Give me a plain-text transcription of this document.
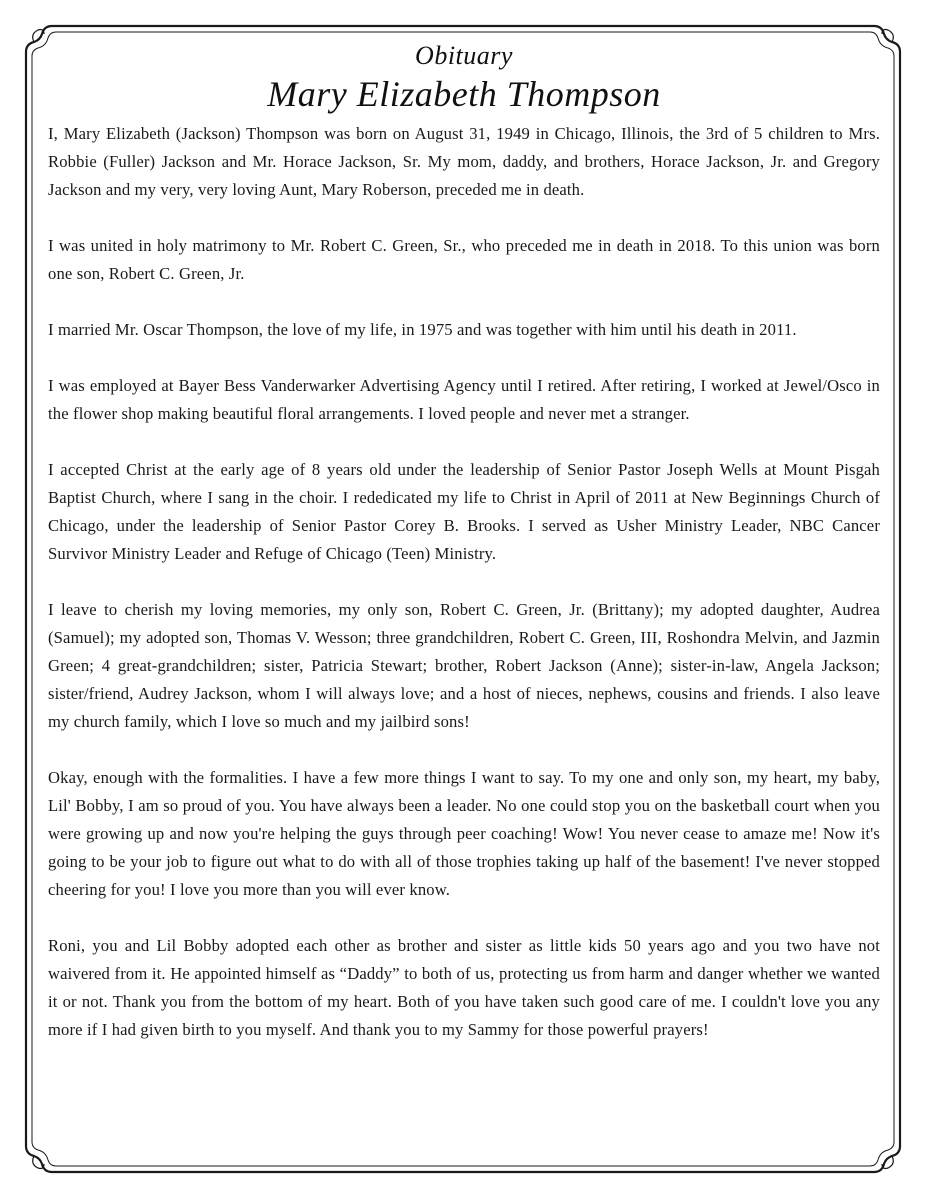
Obituary
Mary Elizabeth Thompson

I, Mary Elizabeth (Jackson) Thompson was born on August 31, 1949 in Chicago, Illinois, the 3rd of 5 children to Mrs. Robbie (Fuller) Jackson and Mr. Horace Jackson, Sr. My mom, daddy, and brothers, Horace Jackson, Jr. and Gregory Jackson and my very, very loving Aunt, Mary Roberson, preceded me in death.

I was united in holy matrimony to Mr. Robert C. Green, Sr., who preceded me in death in 2018. To this union was born one son, Robert C. Green, Jr.

I married Mr. Oscar Thompson, the love of my life, in 1975 and was together with him until his death in 2011.

I was employed at Bayer Bess Vanderwarker Advertising Agency until I retired. After retiring, I worked at Jewel/Osco in the flower shop making beautiful floral arrangements. I loved people and never met a stranger.

I accepted Christ at the early age of 8 years old under the leadership of Senior Pastor Joseph Wells at Mount Pisgah Baptist Church, where I sang in the choir. I rededicated my life to Christ in April of 2011 at New Beginnings Church of Chicago, under the leadership of Senior Pastor Corey B. Brooks. I served as Usher Ministry Leader, NBC Cancer Survivor Ministry Leader and Refuge of Chicago (Teen) Ministry.

I leave to cherish my loving memories, my only son, Robert C. Green, Jr. (Brittany); my adopted daughter, Audrea (Samuel); my adopted son, Thomas V. Wesson; three grandchildren, Robert C. Green, III, Roshondra Melvin, and Jazmin Green; 4 great-grandchildren; sister, Patricia Stewart; brother, Robert Jackson (Anne); sister-in-law, Angela Jackson; sister/friend, Audrey Jackson, whom I will always love; and a host of nieces, nephews, cousins and friends. I also leave my church family, which I love so much and my jailbird sons!

Okay, enough with the formalities. I have a few more things I want to say. To my one and only son, my heart, my baby, Lil' Bobby, I am so proud of you. You have always been a leader. No one could stop you on the basketball court when you were growing up and now you're helping the guys through peer coaching! Wow! You never cease to amaze me! Now it's going to be your job to figure out what to do with all of those trophies taking up half of the basement! I've never stopped cheering for you! I love you more than you will ever know.

Roni, you and Lil Bobby adopted each other as brother and sister as little kids 50 years ago and you two have not waivered from it. He appointed himself as “Daddy” to both of us, protecting us from harm and danger whether we wanted it or not. Thank you from the bottom of my heart. Both of you have taken such good care of me. I couldn't love you any more if I had given birth to you myself. And thank you to my Sammy for those powerful prayers!
